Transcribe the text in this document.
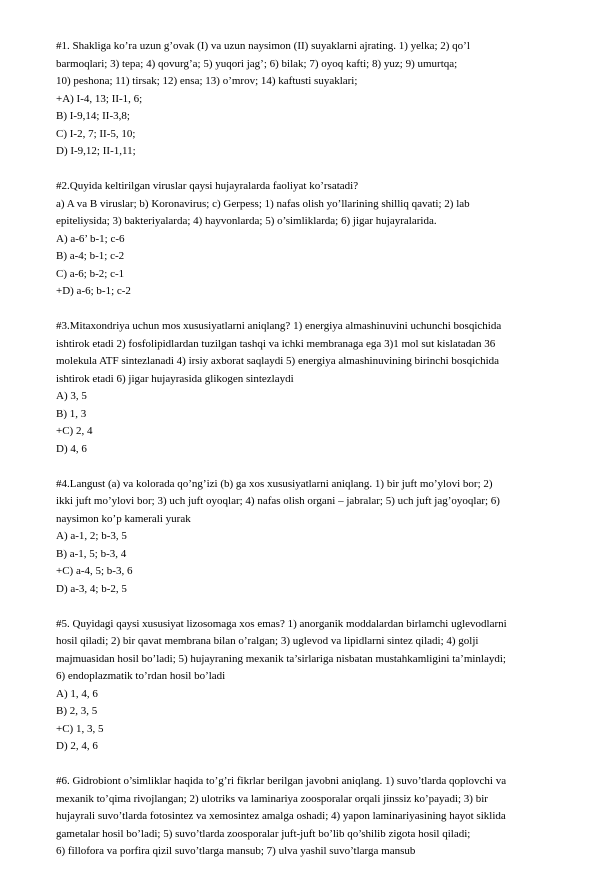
#1. Shakliga ko’ra uzun g’ovak (I) va uzun naysimon (II) suyaklarni ajrating. 1) yelka; 2) qo’l
barmoqlari; 3) tepa; 4) qovurg’a; 5) yuqori jag’; 6) bilak; 7) oyoq kafti; 8) yuz; 9) umurtqa;
10) peshona; 11) tirsak; 12) ensa; 13) o’mrov; 14) kaftusti suyaklari;
+A) I-4, 13; II-1, 6;
B) I-9,14; II-3,8;
C) I-2, 7; II-5, 10;
D) I-9,12; II-1,11;
#2.Quyida keltirilgan viruslar qaysi hujayralarda faoliyat ko’rsatadi?
a) A va B viruslar; b) Koronavirus; c) Gerpess; 1) nafas olish yo’llarining shilliq qavati; 2) lab
epiteliysida; 3) bakteriyalarda; 4) hayvonlarda; 5) o’simliklarda; 6) jigar hujayralarida.
A) a-6’ b-1; c-6
B) a-4; b-1; c-2
C) a-6; b-2; c-1
+D) a-6; b-1; c-2
#3.Mitaxondriya uchun mos xususiyatlarni aniqlang? 1) energiya almashinuvini uchunchi bosqichida
ishtirok etadi 2) fosfolipidlardan tuzilgan tashqi va ichki membranaga ega 3)1 mol sut kislatadan 36
molekula ATF sintezlanadi 4) irsiy axborat saqlaydi 5) energiya almashinuvining birinchi bosqichida
ishtirok etadi 6) jigar hujayrasida glikogen sintezlaydi
A) 3, 5
B) 1, 3
+C) 2, 4
D) 4, 6
#4.Langust (a) va kolorada qo’ng’izi (b) ga xos xususiyatlarni aniqlang. 1) bir juft mo’ylovi bor; 2)
ikki juft mo’ylovi bor; 3) uch juft oyoqlar; 4) nafas olish organi – jabralar; 5) uch juft jag’oyoqlar; 6)
naysimon ko’p kamerali yurak
A) a-1, 2; b-3, 5
B) a-1, 5; b-3, 4
+C) a-4, 5; b-3, 6
D) a-3, 4; b-2, 5
#5. Quyidagi qaysi xususiyat lizosomaga xos emas? 1) anorganik moddalardan birlamchi uglevodlarni
hosil qiladi; 2) bir qavat membrana bilan o’ralgan; 3) uglevod va lipidlarni sintez qiladi; 4) golji
majmuasidan hosil bo’ladi; 5) hujayraning mexanik ta’sirlariga nisbatan mustahkamligini ta’minlaydi;
6) endoplazmatik to’rdan hosil bo’ladi
A) 1, 4, 6
B) 2, 3, 5
+C) 1, 3, 5
D) 2, 4, 6
#6. Gidrobiont o’simliklar haqida to’g’ri fikrlar berilgan javobni aniqlang. 1) suvo’tlarda qoplovchi va
mexanik to’qima rivojlangan; 2) ulotriks va laminariya zoosporalar orqali jinssiz ko’payadi; 3) bir
hujayrali suvo’tlarda fotosintez va xemosintez amalga oshadi; 4) yapon laminariyasining hayot siklida
gametalar hosil bo’ladi; 5) suvo’tlarda zoosporalar juft-juft bo’lib qo’shilib zigota hosil qiladi;
6) fillofora va porfira qizil suvo’tlarga mansub; 7) ulva yashil suvo’tlarga mansub
